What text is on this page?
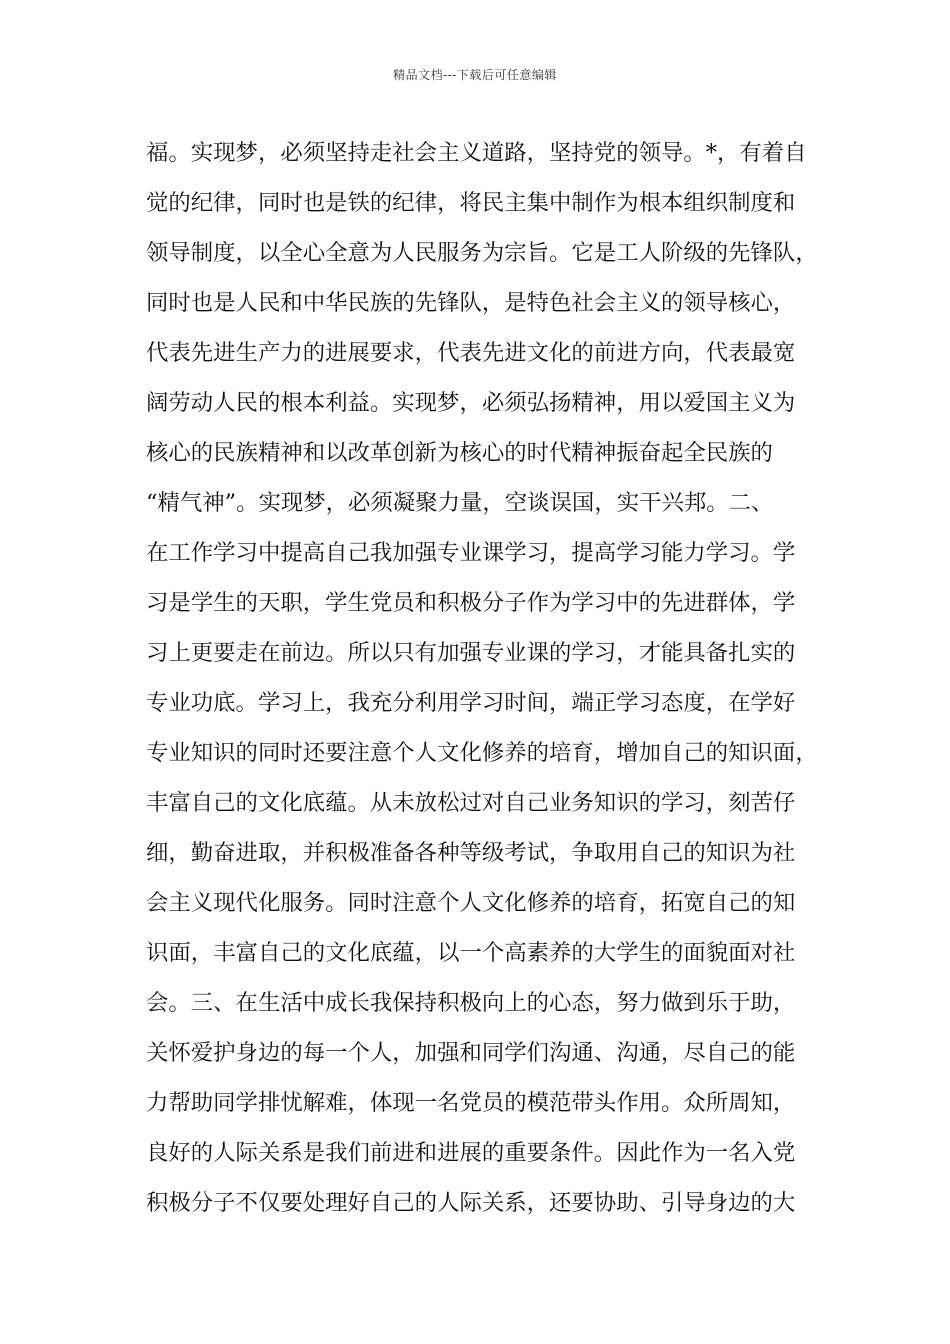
精品文档---下载后可任意编辑
福。实现梦，必须坚持走社会主义道路，坚持党的领导。*，有着自
觉的纪律，同时也是铁的纪律，将民主集中制作为根本组织制度和
领导制度，以全心全意为人民服务为宗旨。它是工人阶级的先锋队，
同时也是人民和中华民族的先锋队，是特色社会主义的领导核心，
代表先进生产力的进展要求，代表先进文化的前进方向，代表最宽
阔劳动人民的根本利益。实现梦，必须弘扬精神，用以爱国主义为
核心的民族精神和以改革创新为核心的时代精神振奋起全民族的
“精气神”。实现梦，必须凝聚力量，空谈误国，实干兴邦。二、
在工作学习中提高自己我加强专业课学习，提高学习能力学习。学
习是学生的天职，学生党员和积极分子作为学习中的先进群体，学
习上更要走在前边。所以只有加强专业课的学习，才能具备扎实的
专业功底。学习上，我充分利用学习时间，端正学习态度，在学好
专业知识的同时还要注意个人文化修养的培育，增加自己的知识面，
丰富自己的文化底蕴。从未放松过对自己业务知识的学习，刻苦仔
细，勤奋进取，并积极准备各种等级考试，争取用自己的知识为社
会主义现代化服务。同时注意个人文化修养的培育，拓宽自己的知
识面，丰富自己的文化底蕴，以一个高素养的大学生的面貌面对社
会。三、在生活中成长我保持积极向上的心态，努力做到乐于助，
关怀爱护身边的每一个人，加强和同学们沟通、沟通，尽自己的能
力帮助同学排忧解难，体现一名党员的模范带头作用。众所周知，
良好的人际关系是我们前进和进展的重要条件。因此作为一名入党
积极分子不仅要处理好自己的人际关系，还要协助、引导身边的大
